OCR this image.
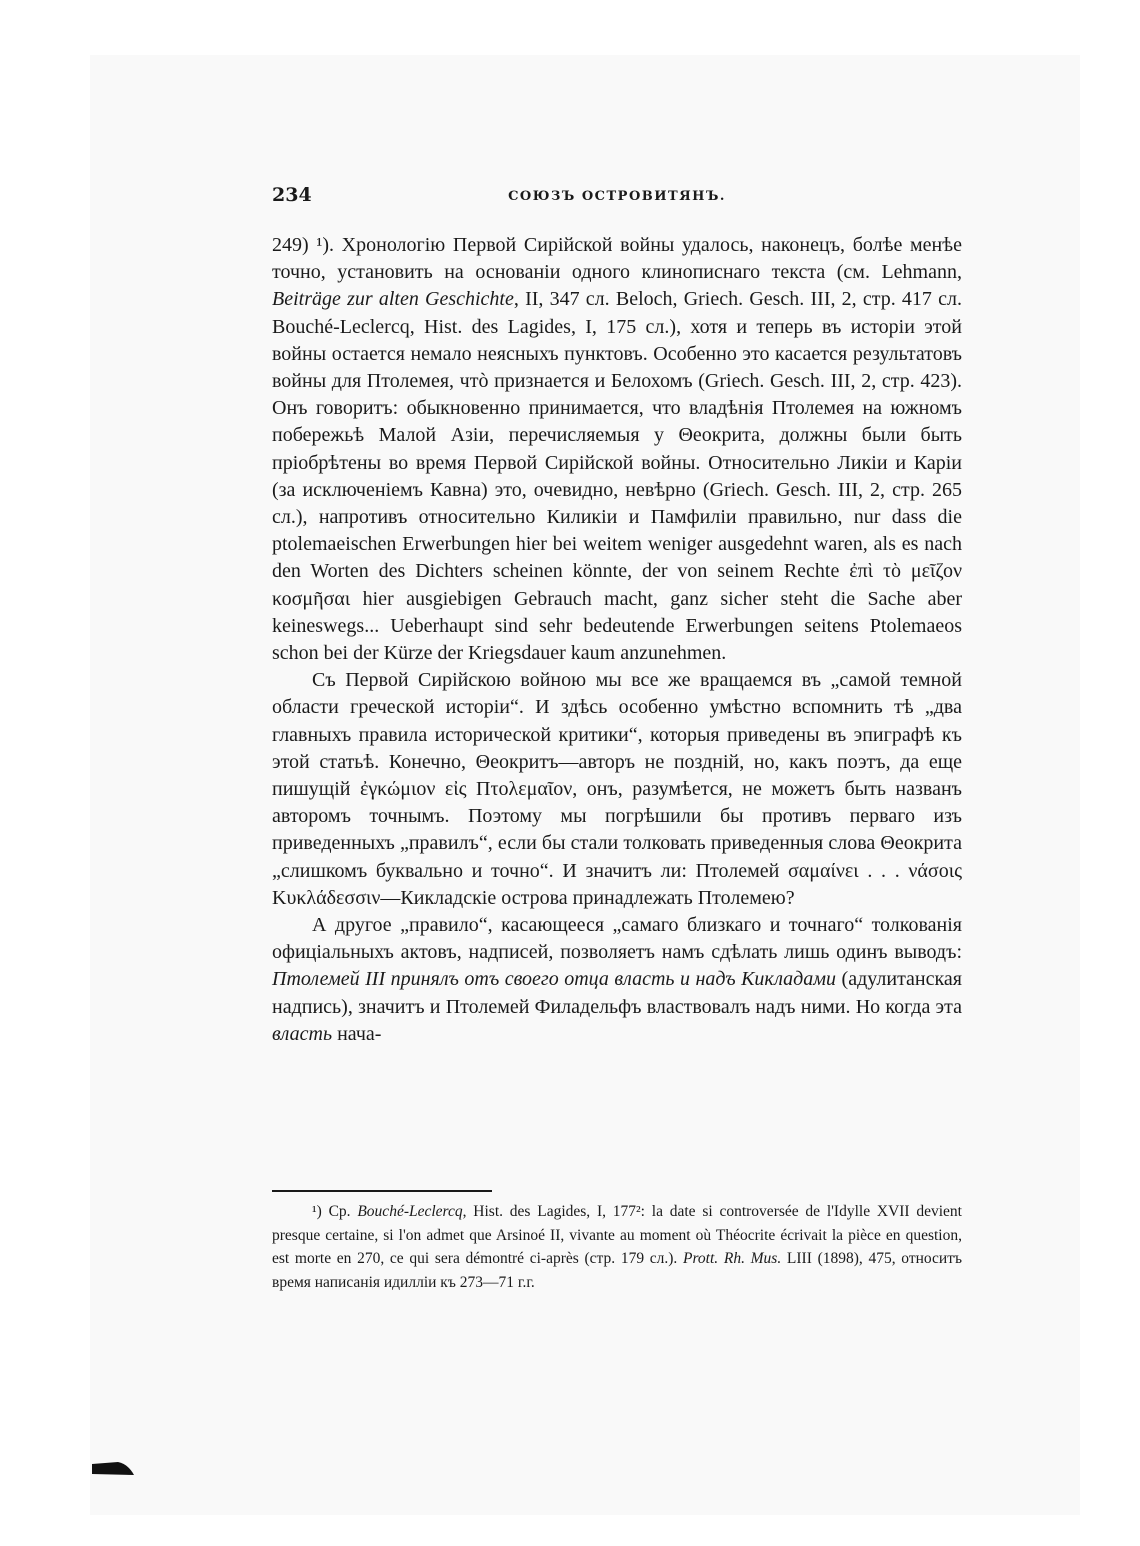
234	СОЮЗЪ ОСТРОВИТЯНЪ.

249) ¹). Хронологію Первой Сирійской войны удалось, наконецъ, болѣе менѣе точно, установить на основаніи одного клинописнаго текста (см. Lehmann, Beiträge zur alten Geschichte, II, 347 сл. Beloch, Griech. Gesch. III, 2, стр. 417 сл. Bouché-Leclercq, Hist. des Lagides, I, 175 сл.), хотя и теперь въ исторіи этой войны остается немало неясныхъ пунктовъ. Особенно это касается результатовъ войны для Птолемея, чтò признается и Белохомъ (Griech. Gesch. III, 2, стр. 423). Онъ говоритъ: обыкновенно принимается, что владѣнія Птолемея на южномъ побережьѣ Малой Азіи, перечисляемыя у Θеокрита, должны были быть пріобрѣтены во время Первой Сирійской войны. Относительно Ликіи и Каріи (за исключеніемъ Кавна) это, очевидно, невѣрно (Griech. Gesch. III, 2, стр. 265 сл.), напротивъ относительно Киликіи и Памфиліи правильно, nur dass die ptolemaeischen Erwerbungen hier bei weitem weniger ausgedehnt waren, als es nach den Worten des Dichters scheinen könnte, der von seinem Rechte ἐπὶ τὸ μεῖζον κοσμῆσαι hier ausgiebigen Gebrauch macht, ganz sicher steht die Sache aber keineswegs... Ueberhaupt sind sehr bedeutende Erwerbungen seitens Ptolemaeos schon bei der Kürze der Kriegsdauer kaum anzunehmen.

Съ Первой Сирійскою войною мы все же вращаемся въ „самой темной области греческой исторіи“. И здѣсь особенно умѣстно вспомнить тѣ „два главныхъ правила исторической критики“, которыя приведены въ эпиграфѣ къ этой статьѣ. Конечно, Θеокритъ—авторъ не поздній, но, какъ поэтъ, да еще пишущій ἐγκώμιον εἰς Πτολεμαῖον, онъ, разумѣется, не можетъ быть названъ авторомъ точнымъ. Поэтому мы погрѣшили бы противъ перваго изъ приведенныхъ „правилъ“, если бы стали толковать приведенныя слова Θеокрита „слишкомъ буквально и точно“. И значитъ ли: Птолемей σαμαίνει . . . νάσοις Κυκλάδεσσιν—Кикладскіе острова принадлежать Птолемею?

А другое „правило“, касающееся „самаго близкаго и точнаго“ толкованія офиціальныхъ актовъ, надписей, позволяетъ намъ сдѣлать лишь одинъ выводъ: Птолемей III принялъ отъ своего отца власть и надъ Кикладами (адулитанская надпись), значитъ и Птолемей Филадельфъ властвовалъ надъ ними. Но когда эта власть нача-

¹) Ср. Bouché-Leclercq, Hist. des Lagides, I, 177²: la date si controversée de l'Idylle XVII devient presque certaine, si l'on admet que Arsinoé II, vivante au moment où Théocrite écrivait la pièce en question, est morte en 270, ce qui sera démontré ci-après (стр. 179 сл.). Prott. Rh. Mus. LIII (1898), 475, относитъ время написанія идилліи къ 273—71 г.г.
